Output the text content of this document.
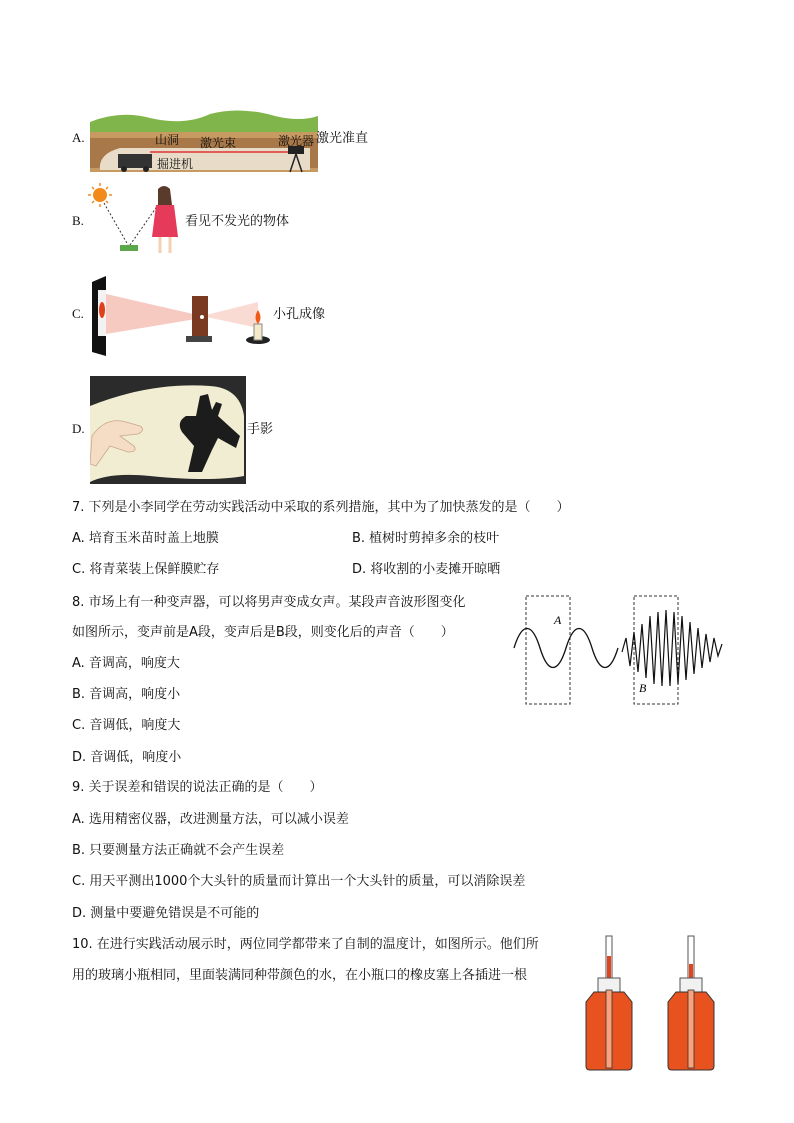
A.	山洞 激光束	激光器
掘进机
激光准直
B.	看见不发光的物体
C.	小孔成像
D.	手影
7. 下列是小李同学在劳动实践活动中采取的系列措施，其中为了加快蒸发的是（　　）
A. 培育玉米苗时盖上地膜	B. 植树时剪掉多余的枝叶
C. 将青菜装上保鲜膜贮存	D. 将收割的小麦摊开晾晒
8. 市场上有一种变声器，可以将男声变成女声。某段声音波形图变化
如图所示，变声前是A段，变声后是B段，则变化后的声音（　　）
A. 音调高，响度大
B. 音调高，响度小
C. 音调低，响度大
D. 音调低，响度小
A
B
9. 关于误差和错误的说法正确的是（　　）
A. 选用精密仪器，改进测量方法，可以减小误差
B. 只要测量方法正确就不会产生误差
C. 用天平测出1000个大头针的质量而计算出一个大头针的质量，可以消除误差
D. 测量中要避免错误是不可能的
10. 在进行实践活动展示时，两位同学都带来了自制的温度计，如图所示。他们所
用的玻璃小瓶相同，里面装满同种带颜色的水，在小瓶口的橡皮塞上各插进一根
